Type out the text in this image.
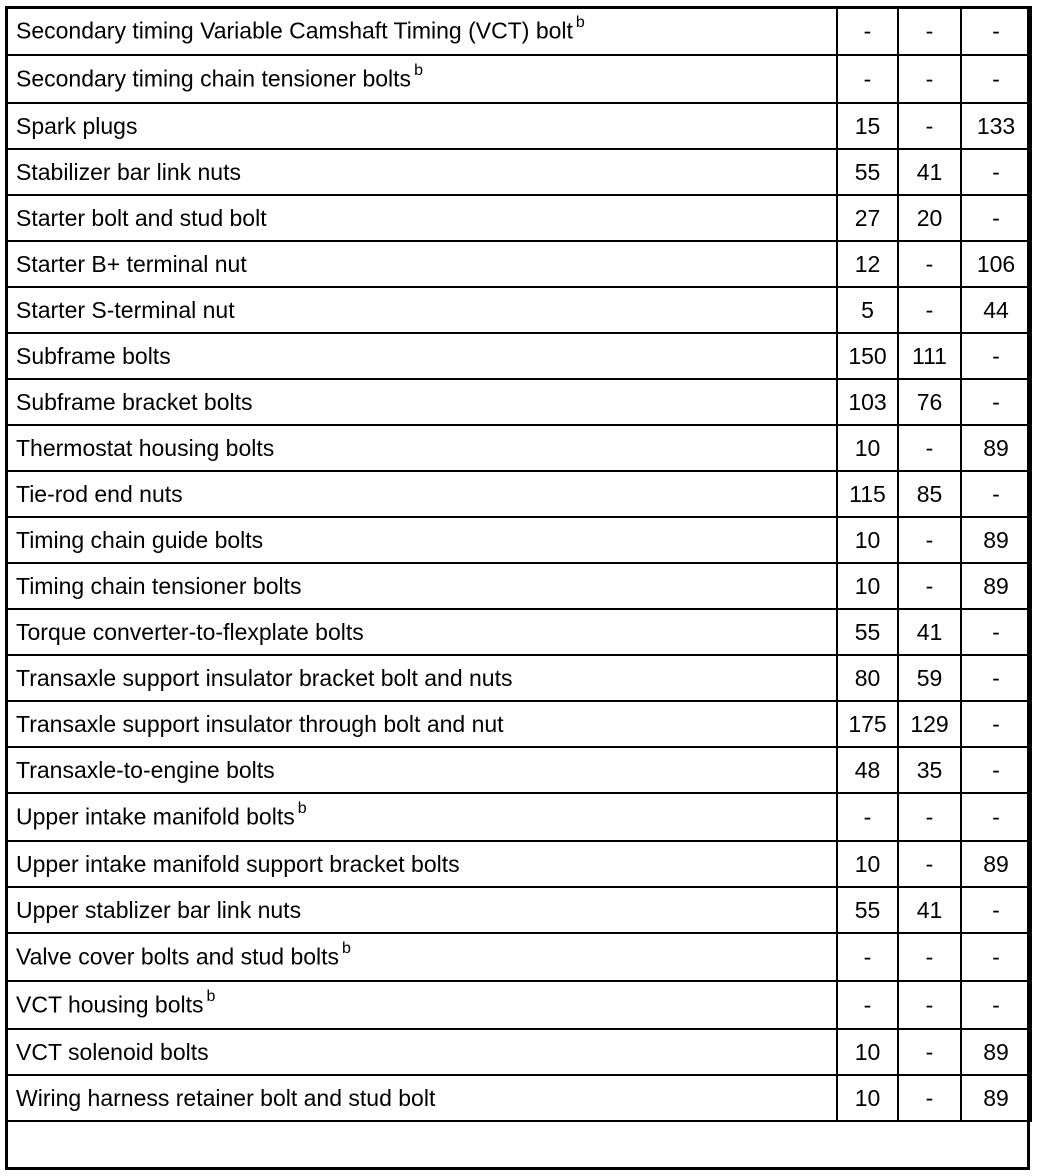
Secondary timing Variable Camshaft Timing (VCT) bolt $^b$	-	-	-
Secondary timing chain tensioner bolts $^b$	-	-	-
Spark plugs	15	-	133
Stabilizer bar link nuts	55	41	-
Starter bolt and stud bolt	27	20	-
Starter B+ terminal nut	12	-	106
Starter S-terminal nut	5	-	44
Subframe bolts	150	111	-
Subframe bracket bolts	103	76	-
Thermostat housing bolts	10	-	89
Tie-rod end nuts	115	85	-
Timing chain guide bolts	10	-	89
Timing chain tensioner bolts	10	-	89
Torque converter-to-flexplate bolts	55	41	-
Transaxle support insulator bracket bolt and nuts	80	59	-
Transaxle support insulator through bolt and nut	175	129	-
Transaxle-to-engine bolts	48	35	-
Upper intake manifold bolts $^b$	-	-	-
Upper intake manifold support bracket bolts	10	-	89
Upper stablizer bar link nuts	55	41	-
Valve cover bolts and stud bolts $^b$	-	-	-
VCT housing bolts $^b$	-	-	-
VCT solenoid bolts	10	-	89
Wiring harness retainer bolt and stud bolt	10	-	89
